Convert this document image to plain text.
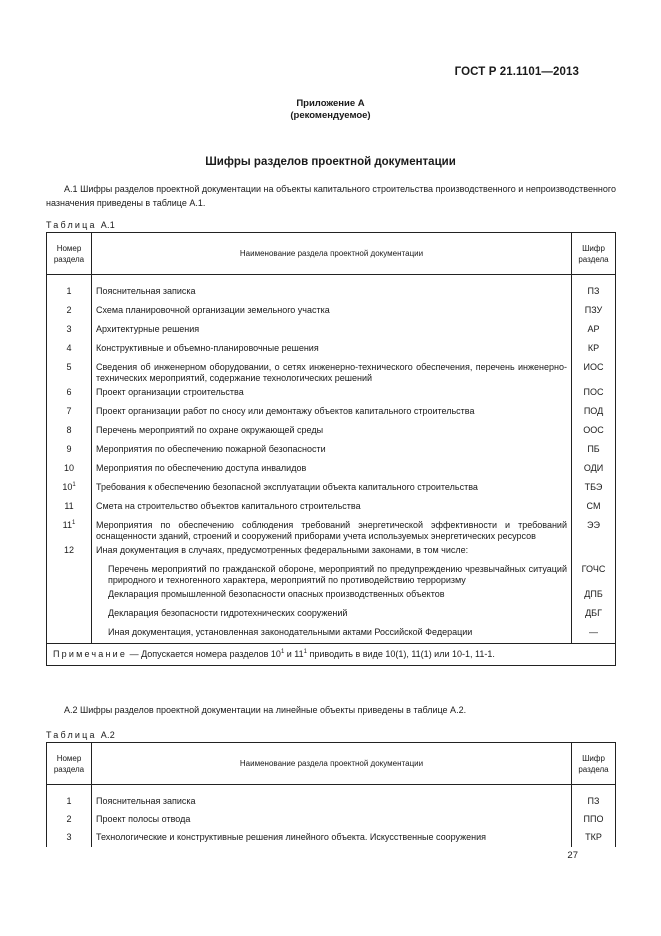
ГОСТ Р 21.1101—2013
Приложение А
(рекомендуемое)
Шифры разделов проектной документации
А.1 Шифры разделов проектной документации на объекты капитального строительства производственного и непроизводственного назначения приведены в таблице А.1.
Таблица А.1
Номер раздела	Наименование раздела проектной документации	Шифр раздела

1	Пояснительная записка	ПЗ
2	Схема планировочной организации земельного участка	ПЗУ
3	Архитектурные решения	АР
4	Конструктивные и объемно-планировочные решения	КР
5	Сведения об инженерном оборудовании, о сетях инженерно-технического обеспечения, перечень инженерно-технических мероприятий, содержание технологических решений	ИОС
6	Проект организации строительства	ПОС
7	Проект организации работ по сносу или демонтажу объектов капитального строительства	ПОД
8	Перечень мероприятий по охране окружающей среды	ООС
9	Мероприятия по обеспечению пожарной безопасности	ПБ
10	Мероприятия по обеспечению доступа инвалидов	ОДИ
$10^1$	Требования к обеспечению безопасной эксплуатации объекта капитального строительства	ТБЭ
11	Смета на строительство объектов капитального строительства	СМ
$11^1$	Мероприятия по обеспечению соблюдения требований энергетической эффективности и требований оснащенности зданий, строений и сооружений приборами учета используемых энергетических ресурсов	ЭЭ
12	Иная документация в случаях, предусмотренных федеральными законами, в том числе:	
	Перечень мероприятий по гражданской обороне, мероприятий по предупреждению чрезвычайных ситуаций природного и техногенного характера, мероприятий по противодействию терроризму	ГОЧС
	Декларация промышленной безопасности опасных производственных объектов	ДПБ
	Декларация безопасности гидротехнических сооружений	ДБГ
	Иная документация, установленная законодательными актами Российской Федерации	—
Примечание — Допускается номера разделов $10^1$ и $11^1$ приводить в виде 10(1), 11(1) или 10-1, 11-1.		
А.2 Шифры разделов проектной документации на линейные объекты приведены в таблице А.2.
Таблица А.2
Номер раздела	Наименование раздела проектной документации	Шифр раздела

1	Пояснительная записка	ПЗ
2	Проект полосы отвода	ППО
3	Технологические и конструктивные решения линейного объекта. Искусственные сооружения	ТКР
27
